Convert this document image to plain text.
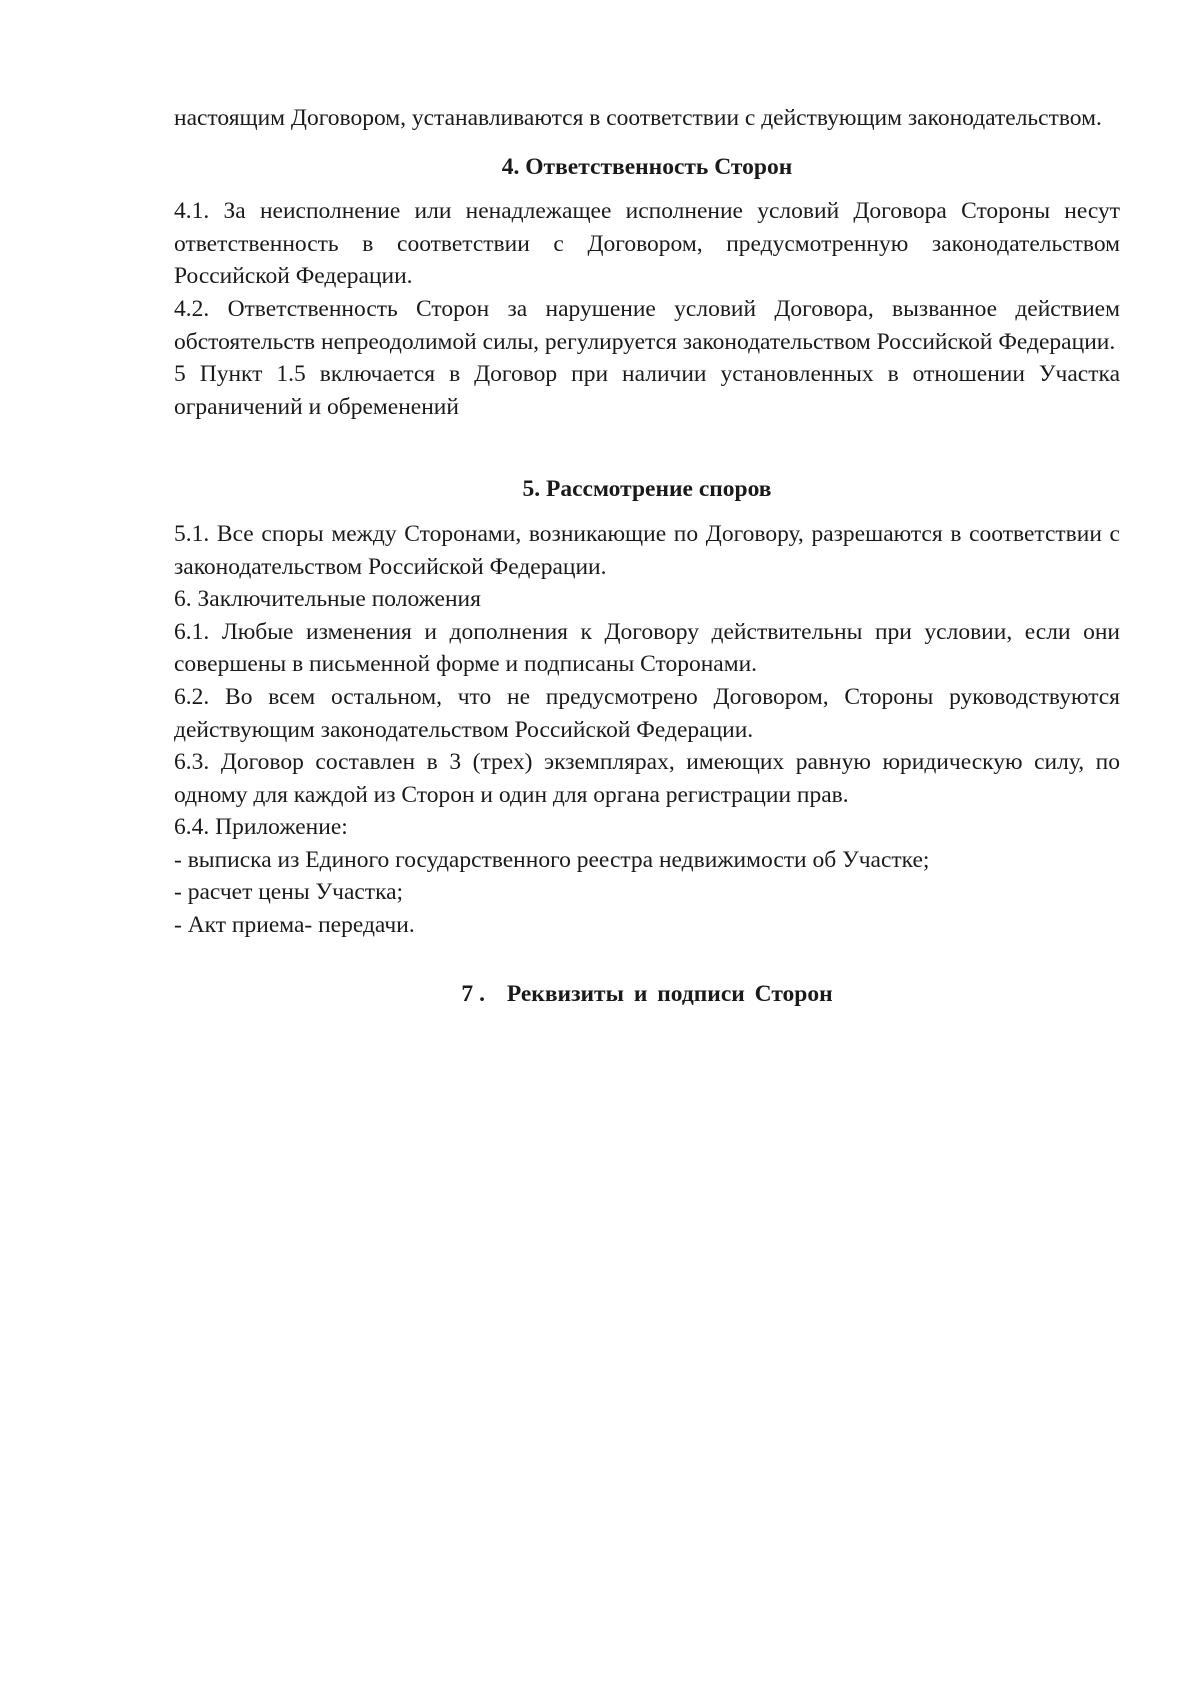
настоящим Договором, устанавливаются в соответствии с действующим законодательством.

4. Ответственность Сторон

4.1. За неисполнение или ненадлежащее исполнение условий Договора Стороны несут ответственность в соответствии с Договором, предусмотренную законодательством Российской Федерации.

4.2. Ответственность Сторон за нарушение условий Договора, вызванное действием обстоятельств непреодолимой силы, регулируется законодательством Российской Федерации.

5 Пункт 1.5 включается в Договор при наличии установленных в отношении Участка ограничений и обременений

5. Рассмотрение споров

5.1. Все споры между Сторонами, возникающие по Договору, разрешаются в соответствии с законодательством Российской Федерации.

6. Заключительные положения

6.1. Любые изменения и дополнения к Договору действительны при условии, если они совершены в письменной форме и подписаны Сторонами.

6.2. Во всем остальном, что не предусмотрено Договором, Стороны руководствуются действующим законодательством Российской Федерации.

6.3. Договор составлен в 3 (трех) экземплярах, имеющих равную юридическую силу, по одному для каждой из Сторон и один для органа регистрации прав.

6.4. Приложение:
- выписка из Единого государственного реестра недвижимости об Участке;
- расчет цены Участка;
- Акт приема- передачи.
7. Реквизиты и подписи Сторон
